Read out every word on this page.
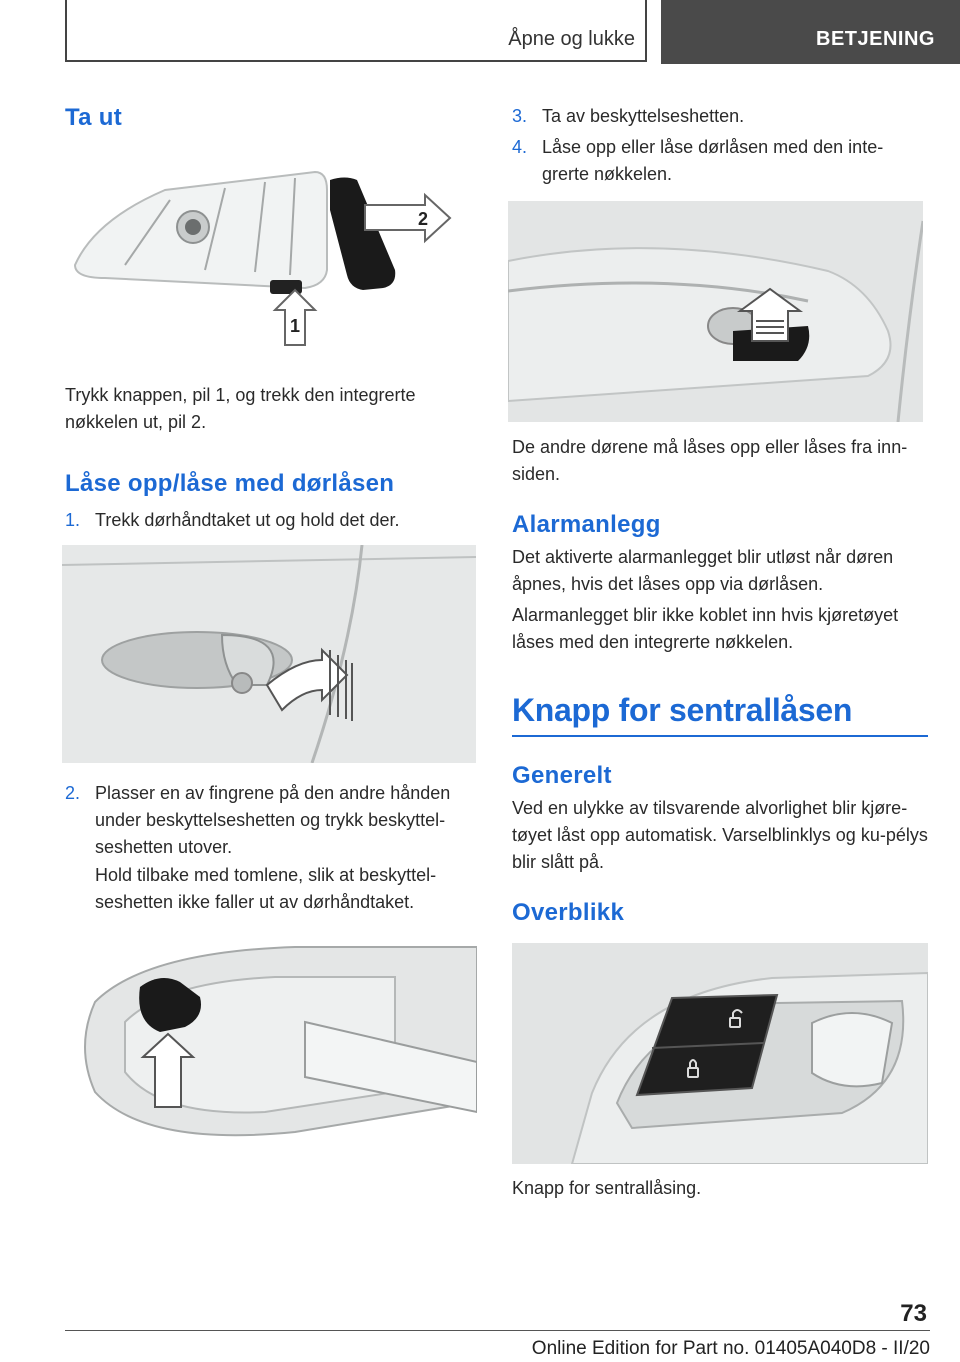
Åpne og lukke	BETJENING
Ta ut
2
1
Trykk knappen, pil 1, og trekk den integrerte nøkkelen ut, pil 2.
Låse opp/låse med dørlåsen
1. Trekk dørhåndtaket ut og hold det der.
2. Plasser en av fingrene på den andre hånden under beskyttelseshetten og trykk beskyttel‐seshetten utover.
Hold tilbake med tomlene, slik at beskyttel‐seshetten ikke faller ut av dørhåndtaket.
3. Ta av beskyttelseshetten.
4. Låse opp eller låse dørlåsen med den inte‐grerte nøkkelen.
De andre dørene må låses opp eller låses fra inn‐siden.
Alarmanlegg
Det aktiverte alarmanlegget blir utløst når døren åpnes, hvis det låses opp via dørlåsen.
Alarmanlegget blir ikke koblet inn hvis kjøretøyet låses med den integrerte nøkkelen.
Knapp for sentrallåsen
Generelt
Ved en ulykke av tilsvarende alvorlighet blir kjøre‐tøyet låst opp automatisk. Varselblinklys og ku‐pélys blir slått på.
Overblikk
Knapp for sentrallåsing.
73
Online Edition for Part no. 01405A040D8 - II/20
